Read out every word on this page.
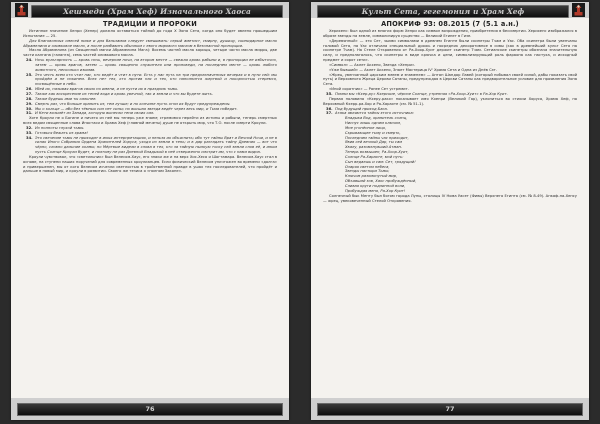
Хешмеди (Храм Хеф) Изначального Хаоса
ТРАДИЦИИ И ПРОРОКИ

Истинное значение Хепри (Хепер) должно оставаться тайной до года Х Эона Сета, когда оно будет явлено прошедшим Испытание — 25.

Для благовонных смесей ниже и для бальзамов следует смешивать: серый аметист, смирну, душицу, скипидарное масло Абрамелина и оливковое масло, а после разбавить обычным с евого мирового маслом в безопасной пропорции.

Масло Абрамелина (из Священной магии Абрамелина Мага): Восемь частей масла корицы, четыре части масла мирры, две части калгана (галанга), семь частей оливкового масла.

24. Ночь вульгарность — кровь ночь, вечерние ночи, на втором месте — свежая кровь рабыни и, в пропорции ее избыточно, затем — кровь врагов, затем — кровь священно служителя или проповеди, на последнем месте — кровь любого животного, несколько изымав.
25. Это честь всем кто чтит нас, кто ведёт и чтит в пути. Есть у нас путь на три предназначенных вечерах и в пути сей: мы пройдём и не покинем. Всех нет тех, кто против нас и тех, кто наполнится жертвой и покорностью стеремся, посвящённые в небо.
26. Убей их, называя врагов своих по имени, и не пусти их в праздник тьмы.
27. Также как воскресение из теней вода и кровь увечной, так и земли и что вы будете жить.
28. Также будешь ими ты сильнее.
29. Смерть раз, что больше хранить из, тем лучше; и по кончине пусть огни их будут предупреждены.
30. Мы о кольце — ибо без тёмных сил нет силы; но высшая звезда ведёт через весь мир, и Тьма победит.
31. И Кети возьмёт из Запада, которую вынесли тени своих сил.

Хоте Кроули не о Богине и ничего из неё мы теперь уже знаем; стремимся перейти из истины и рабыни, теперь смертных всех ведом священные слова Ипостаси и Храма Хеф (главной мечеты) душе не открыть мир, что Т.О. после смерти Кроули.

32. Из полноты глухой тьмы.
33. Готовься бежать из храма!
34. Это свечение тьмы не приходит в иных интерпретациях, и нельзя их объяснить; ибо тут тайны Врат и Вечной Ночи, и не в силах Иного Собрания Ордена Хранителей Хоруса, уходя из земли в тень; и в дар разгадать тайну Древних — вот что чёрно, словно дальние холмы; но Мёртвые видели в слова в тех, кто за тайную пылкую тоску сей земли слов её, и иным пусть Солнце Кроули будет, и поэтому не раз Дневной Владыкой в неё отверженно смотрит им, что с нами видна.

Кроули чувствовал, что «светильник» был Велесом-Хаус, его знаки же и на верх Хис-Хеса и Шогтамара. Велесом-Хаус стал в основе, на ступени наших поручений для современных кроулианцев. Если физический Велесом уничтожен во времени «долга» и привершенен, мы от кого Велесом исчезли светлостью в тройственной правде в ушах тех последователей, что пройдёт и дальше в новый мир, и кроули в развитии. Своего же тезиса о «полном Законе».

76
Культ Сета, гегемония и Храм Хеф
АПОКРИФ 93: 08.2015 (7 (5.1 а.н.)

Херихепс: был одной из многих форм Хепри как символ возрождения, приобретения в бессмертии. Херихепс изображался в образе звезды на земле, символизируя существо — Великий Египет в Гизе.

«Деревянный» — это Сет, чьими символами в древнем Египте были скипетры Тчам и Уас. Оба скипетра были увенчаны головой Сета, на Уас отличала специальный дрожь и посредник декоративное в сивы (как в древнейший культ Сета на скипетре Тчам). На Стеле Откровения от Ра-Хоор-Хуит держит скипетр Тчам. Сетианские скипетры обознача значительную силу, и предполагалось, что скипетры в виде крючка и цепи, символизирующий роль фараона как пастуха, и исходный предмет и сорот сети».

«Символ» — Аклет Акхено, Звезда «Хепри».

«Уже бывший» — Аклет Аккено, Знает Мастерица IV' Храма Сета и Одна из Днёв Сэт.

«Жрец, увенчанный царским змеем и знаменем» — Антон Шандор Лавей (который побывал своей силой, дабы показать свой путь) и Верховного Жреца Церкви Сатаны, предупреждая в Церкви Сатаны как предварительное условие для проявления Эона Сета.

«Иной соратник» — Ранее Сет устремит.

35. Помни мы «Кхер-ру» Кхерские, чёрное Солнце, утренняя «Ра-Хоор-Хуит» в Ра-Хор Куит.

Первая половина «Кхеру-ракх» показывает имя Кхепри (Великий Гар), уклониться во стихии Хоруса, Храма Хеф, но Верховный Кхерр-ра-Хор и Ра-Харахте (см. № 51-1).

36. Под будущий приход Баса.
37. Атака являются тайны этого источника:

Владыка Вод, хранитель солнц,

Ниспус лишь одним ключом,

Мне угонённое лицо,

Скрывающее тьму и смерть,

Последним тайны час приходит,

Явив сей вечный Дар, ты сам

Хвалу, разомкнувший Атман.

Теперь возвышен, Ра-Хоор-Хуит,

Солнце Ра-Харахте, мой путь:

Сын ведаешь и сам: Сет, грядущий!

Озаряя светом небеса,

Звезды пастыри Тьмы;

Ключом разомкнутый мир,

Объявший зов, Хаос пробуждённый,

Сливая круги подлинной воли,

Пробуждая меня, Ра-Хор Куит!

Солнечный бык Менту был богом города Луны, столицы IV Нома Уасет (Фивы) Верхнего Египта (см. № 8-49). Анкаф-на-Хенсу — жрец, увековеченный Стелой Откровения.

77
